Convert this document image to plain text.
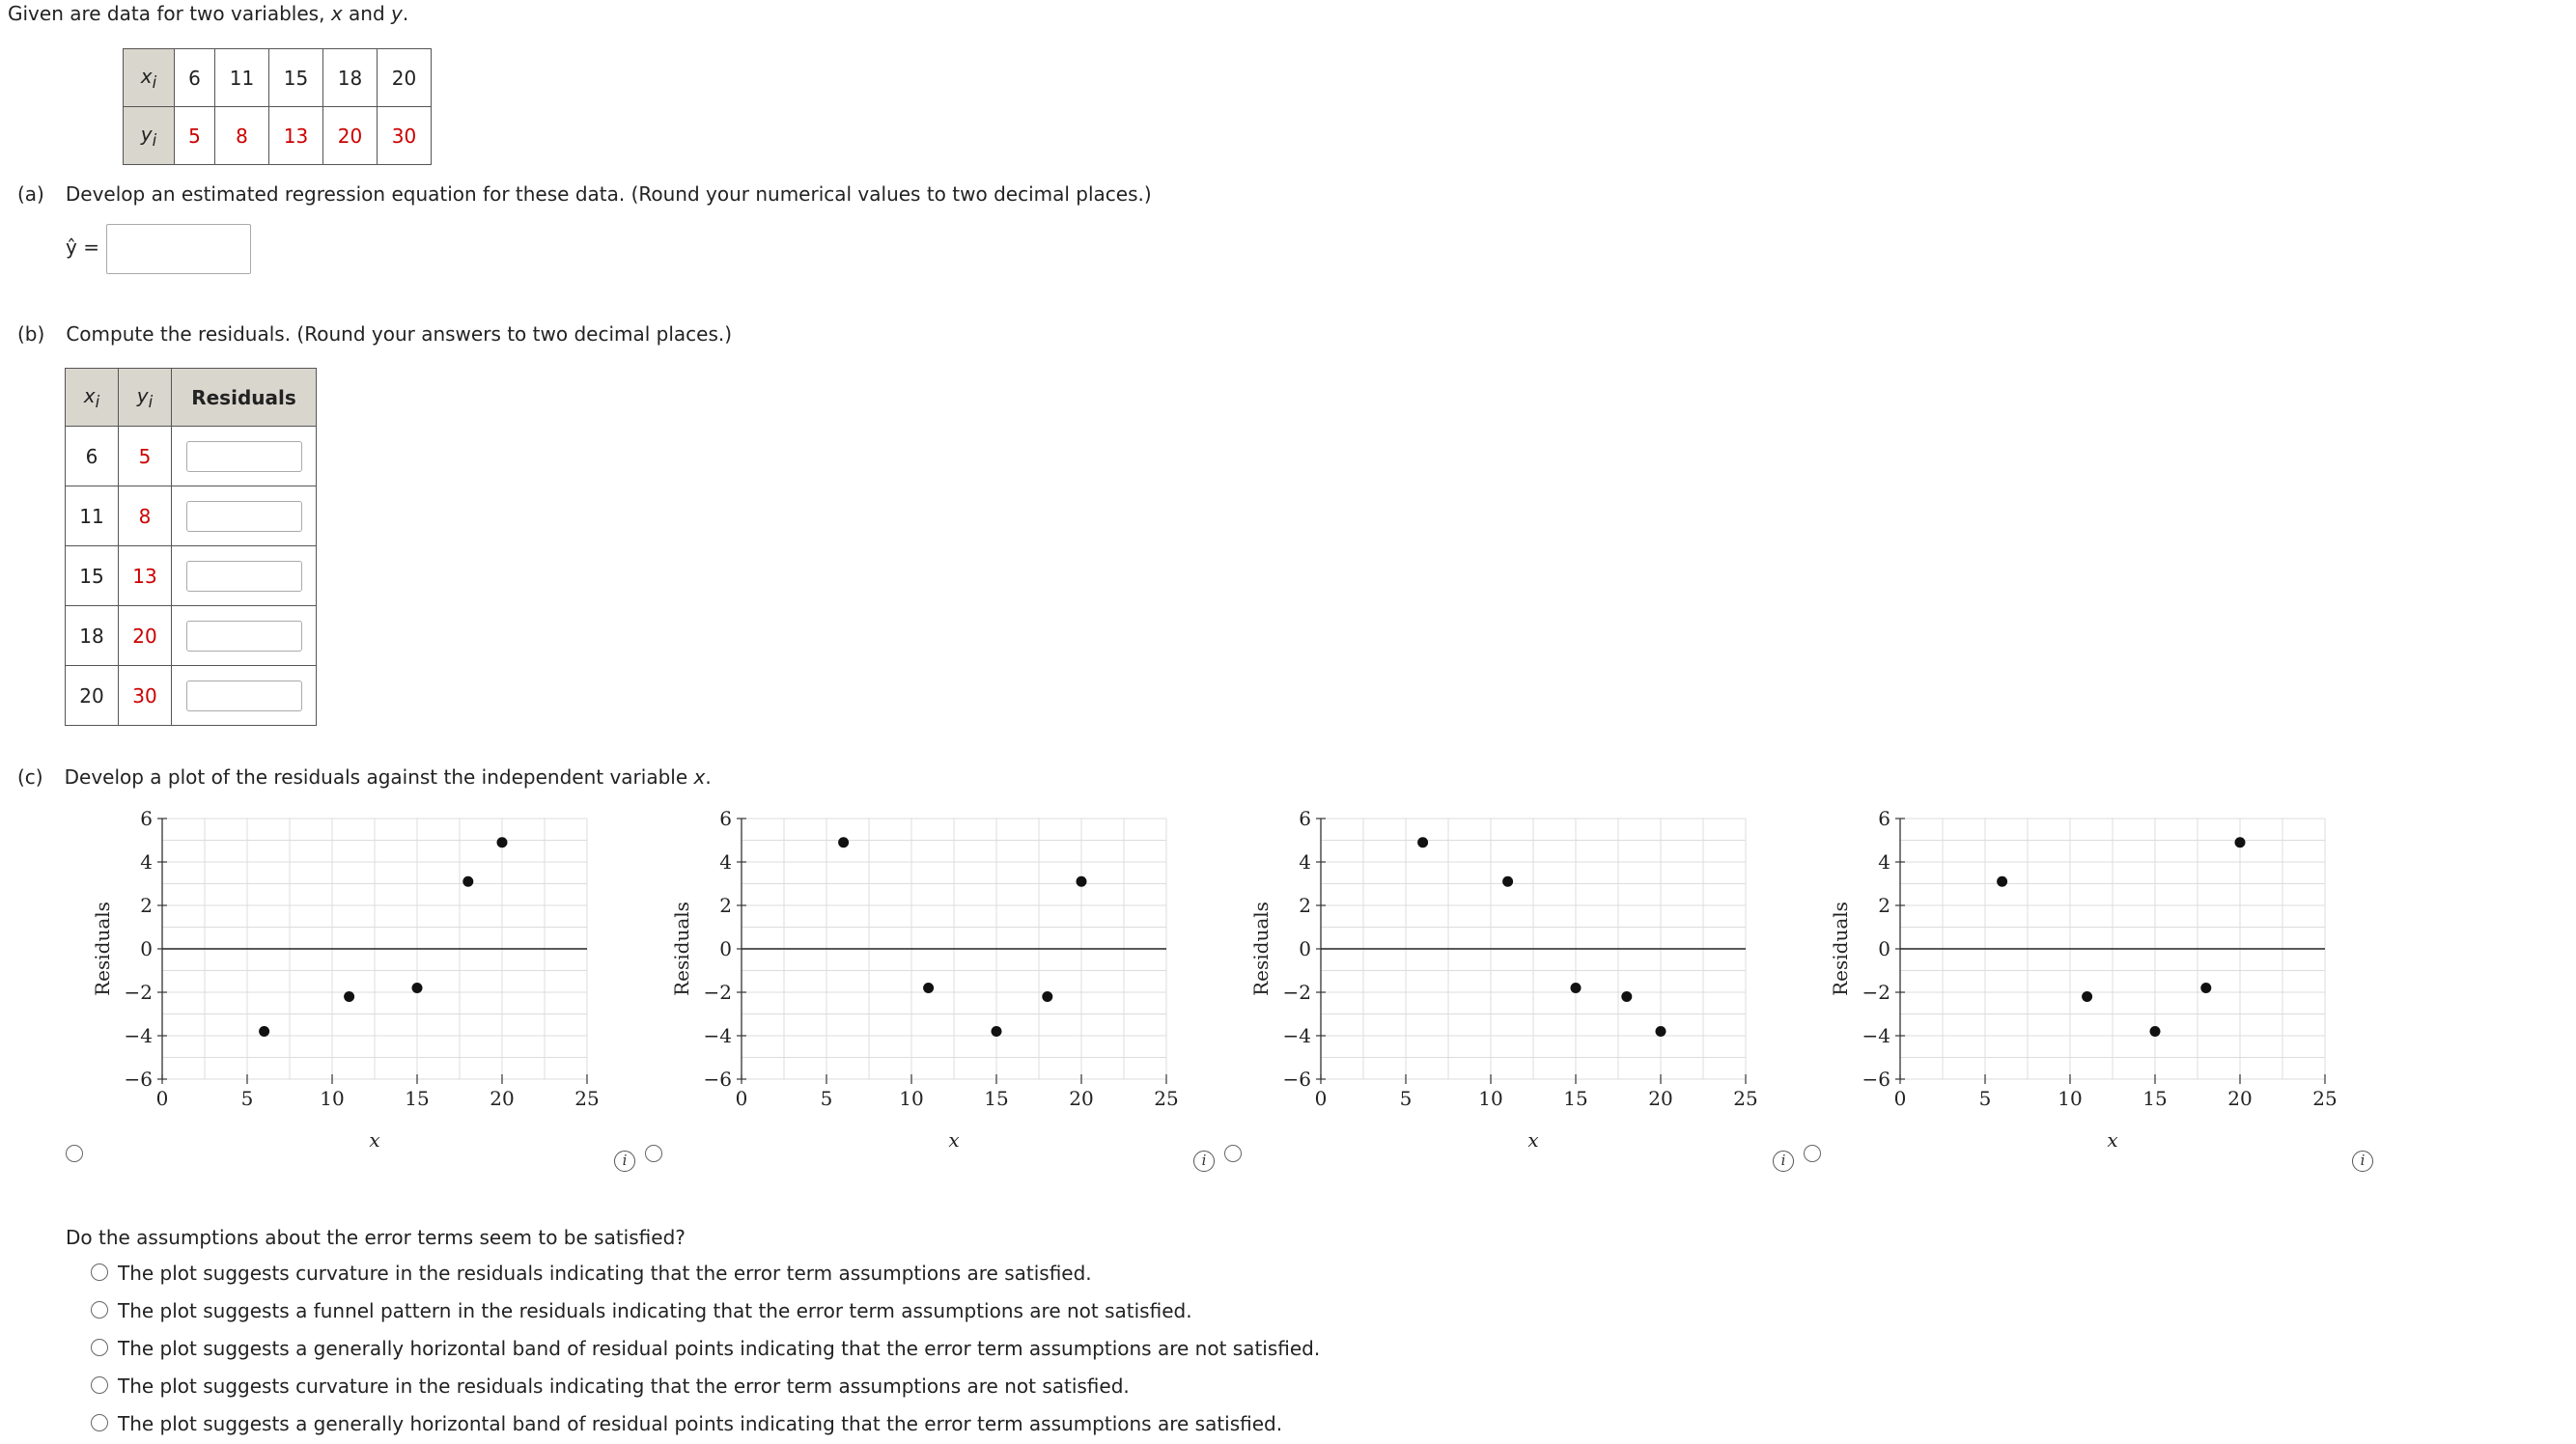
Given are data for two variables, x and y.
$x_i$	6	11	15	18	20
$y_i$	5	8	13	20	30
(a) Develop an estimated regression equation for these data. (Round your numerical values to two decimal places.)
ŷ =
(b) Compute the residuals. (Round your answers to two decimal places.)
$x_i$	$y_i$	Residuals
6	5	
11	8	
15	13	
18	20	
20	30	
(c) Develop a plot of the residuals against the independent variable x.
−6
−4
−2
0
2
4
6
0	5	10	15	20	25
x
Residuals
i
−6
−4
−2
0
2
4
6
0	5	10	15	20	25
x
Residuals
i
−6
−4
−2
0
2
4
6
0	5	10	15	20	25
x
Residuals
i
−6
−4
−2
0
2
4
6
0	5	10	15	20	25
x
Residuals
i
Do the assumptions about the error terms seem to be satisfied?
The plot suggests curvature in the residuals indicating that the error term assumptions are satisfied.
The plot suggests a funnel pattern in the residuals indicating that the error term assumptions are not satisfied.
The plot suggests a generally horizontal band of residual points indicating that the error term assumptions are not satisfied.
The plot suggests curvature in the residuals indicating that the error term assumptions are not satisfied.
The plot suggests a generally horizontal band of residual points indicating that the error term assumptions are satisfied.
